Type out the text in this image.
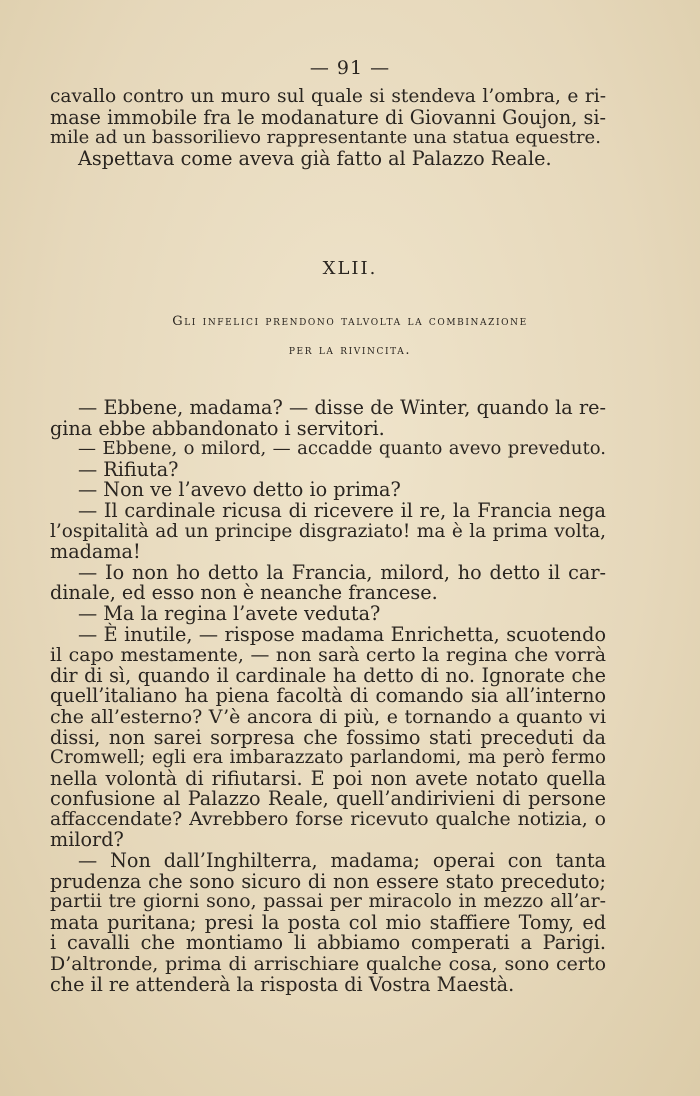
— 91 —
cavallo contro un muro sul quale si stendeva l’ombra, e ri-
mase immobile fra le modanature di Giovanni Goujon, si-
mile ad un bassorilievo rappresentante una statua equestre.
Aspettava come aveva già fatto al Palazzo Reale.
XLII.
Gli infelici prendono talvolta la combinazione
per la rivincita.
— Ebbene, madama? — disse de Winter, quando la re-
gina ebbe abbandonato i servitori.
— Ebbene, o milord, — accadde quanto avevo preveduto.
— Rifiuta?
— Non ve l’avevo detto io prima?
— Il cardinale ricusa di ricevere il re, la Francia nega
l’ospitalità ad un principe disgraziato! ma è la prima volta,
madama!
— Io non ho detto la Francia, milord, ho detto il car-
dinale, ed esso non è neanche francese.
— Ma la regina l’avete veduta?
— È inutile, — rispose madama Enrichetta, scuotendo
il capo mestamente, — non sarà certo la regina che vorrà
dir di sì, quando il cardinale ha detto di no. Ignorate che
quell’italiano ha piena facoltà di comando sia all’interno
che all’esterno? V’è ancora di più, e tornando a quanto vi
dissi, non sarei sorpresa che fossimo stati preceduti da
Cromwell; egli era imbarazzato parlandomi, ma però fermo
nella volontà di rifiutarsi. E poi non avete notato quella
confusione al Palazzo Reale, quell’andirivieni di persone
affaccendate? Avrebbero forse ricevuto qualche notizia, o
milord?
— Non dall’Inghilterra, madama; operai con tanta
prudenza che sono sicuro di non essere stato preceduto;
partii tre giorni sono, passai per miracolo in mezzo all’ar-
mata puritana; presi la posta col mio staffiere Tomy, ed
i cavalli che montiamo li abbiamo comperati a Parigi.
D’altronde, prima di arrischiare qualche cosa, sono certo
che il re attenderà la risposta di Vostra Maestà.
